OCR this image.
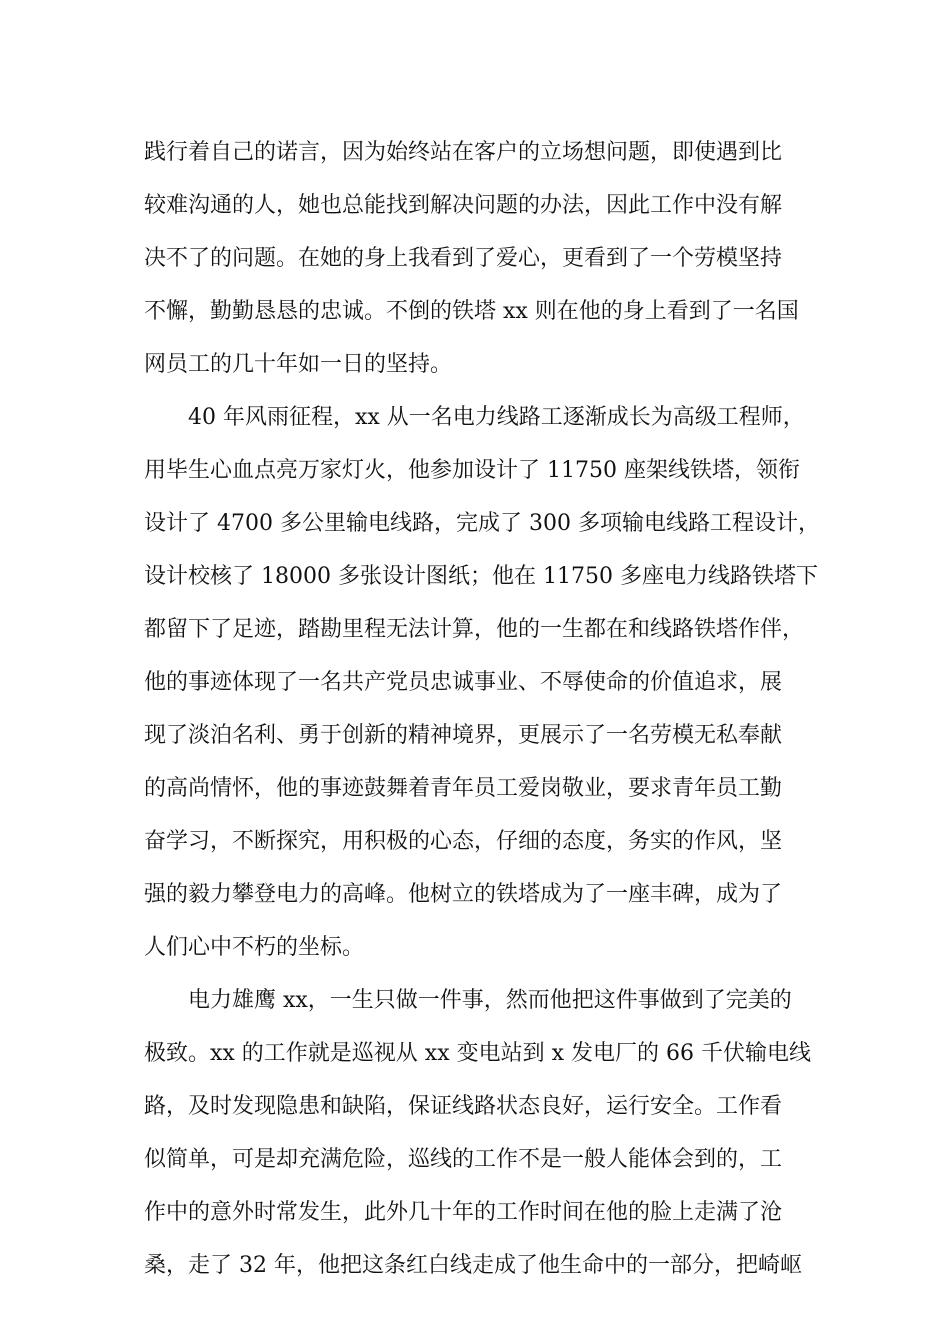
践行着自己的诺言，因为始终站在客户的立场想问题，即使遇到比
较难沟通的人，她也总能找到解决问题的办法，因此工作中没有解
决不了的问题。在她的身上我看到了爱心，更看到了一个劳模坚持
不懈，勤勤恳恳的忠诚。不倒的铁塔 xx 则在他的身上看到了一名国
网员工的几十年如一日的坚持。
40 年风雨征程，xx 从一名电力线路工逐渐成长为高级工程师，
用毕生心血点亮万家灯火，他参加设计了 11750 座架线铁塔，领衔
设计了 4700 多公里输电线路，完成了 300 多项输电线路工程设计，
设计校核了 18000 多张设计图纸；他在 11750 多座电力线路铁塔下
都留下了足迹，踏勘里程无法计算，他的一生都在和线路铁塔作伴，
他的事迹体现了一名共产党员忠诚事业、不辱使命的价值追求，展
现了淡泊名利、勇于创新的精神境界，更展示了一名劳模无私奉献
的高尚情怀，他的事迹鼓舞着青年员工爱岗敬业，要求青年员工勤
奋学习，不断探究，用积极的心态，仔细的态度，务实的作风，坚
强的毅力攀登电力的高峰。他树立的铁塔成为了一座丰碑，成为了
人们心中不朽的坐标。
电力雄鹰 xx，一生只做一件事，然而他把这件事做到了完美的
极致。xx 的工作就是巡视从 xx 变电站到 x 发电厂的 66 千伏输电线
路，及时发现隐患和缺陷，保证线路状态良好，运行安全。工作看
似简单，可是却充满危险，巡线的工作不是一般人能体会到的，工
作中的意外时常发生，此外几十年的工作时间在他的脸上走满了沧
桑，走了 32 年，他把这条红白线走成了他生命中的一部分，把崎岖
